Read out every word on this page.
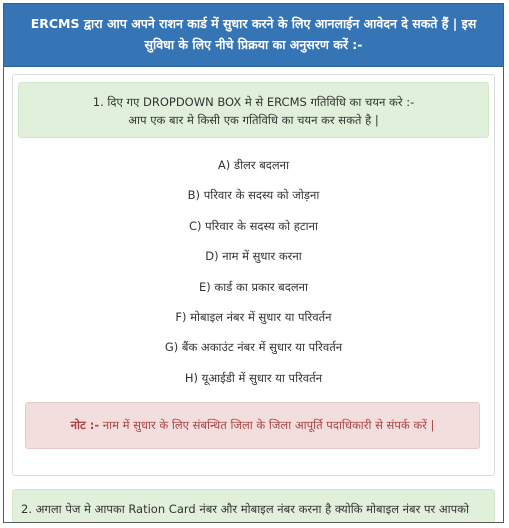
ERCMS द्वारा आप अपने राशन कार्ड में सुधार करने के लिए आनलाईन आवेदन दे सकते हैं | इस
सुविधा के लिए नीचे प्रिक्रया का अनुसरण करें :-
1. दिए गए DROPDOWN BOX मे से ERCMS गतिविधि का चयन करे :-
आप एक बार मे किसी एक गतिविधि का चयन कर सकते है |
A) डीलर बदलना
B) परिवार के सदस्य को जोड़ना
C) परिवार के सदस्य को हटाना
D) नाम में सुधार करना
E) कार्ड का प्रकार बदलना
F) मोबाइल नंबर में सुधार या परिवर्तन
G) बैंक अकाउंट नंबर में सुधार या परिवर्तन
H) यूआईडी में सुधार या परिवर्तन
नोट :- नाम में सुधार के लिए संबन्धित जिला के जिला आपूर्ति पदाधिकारी से संपर्क करें |
2. अगला पेज मे आपका Ration Card नंबर और मोबाइल नंबर करना है क्योकि मोबाइल नंबर पर आपको
